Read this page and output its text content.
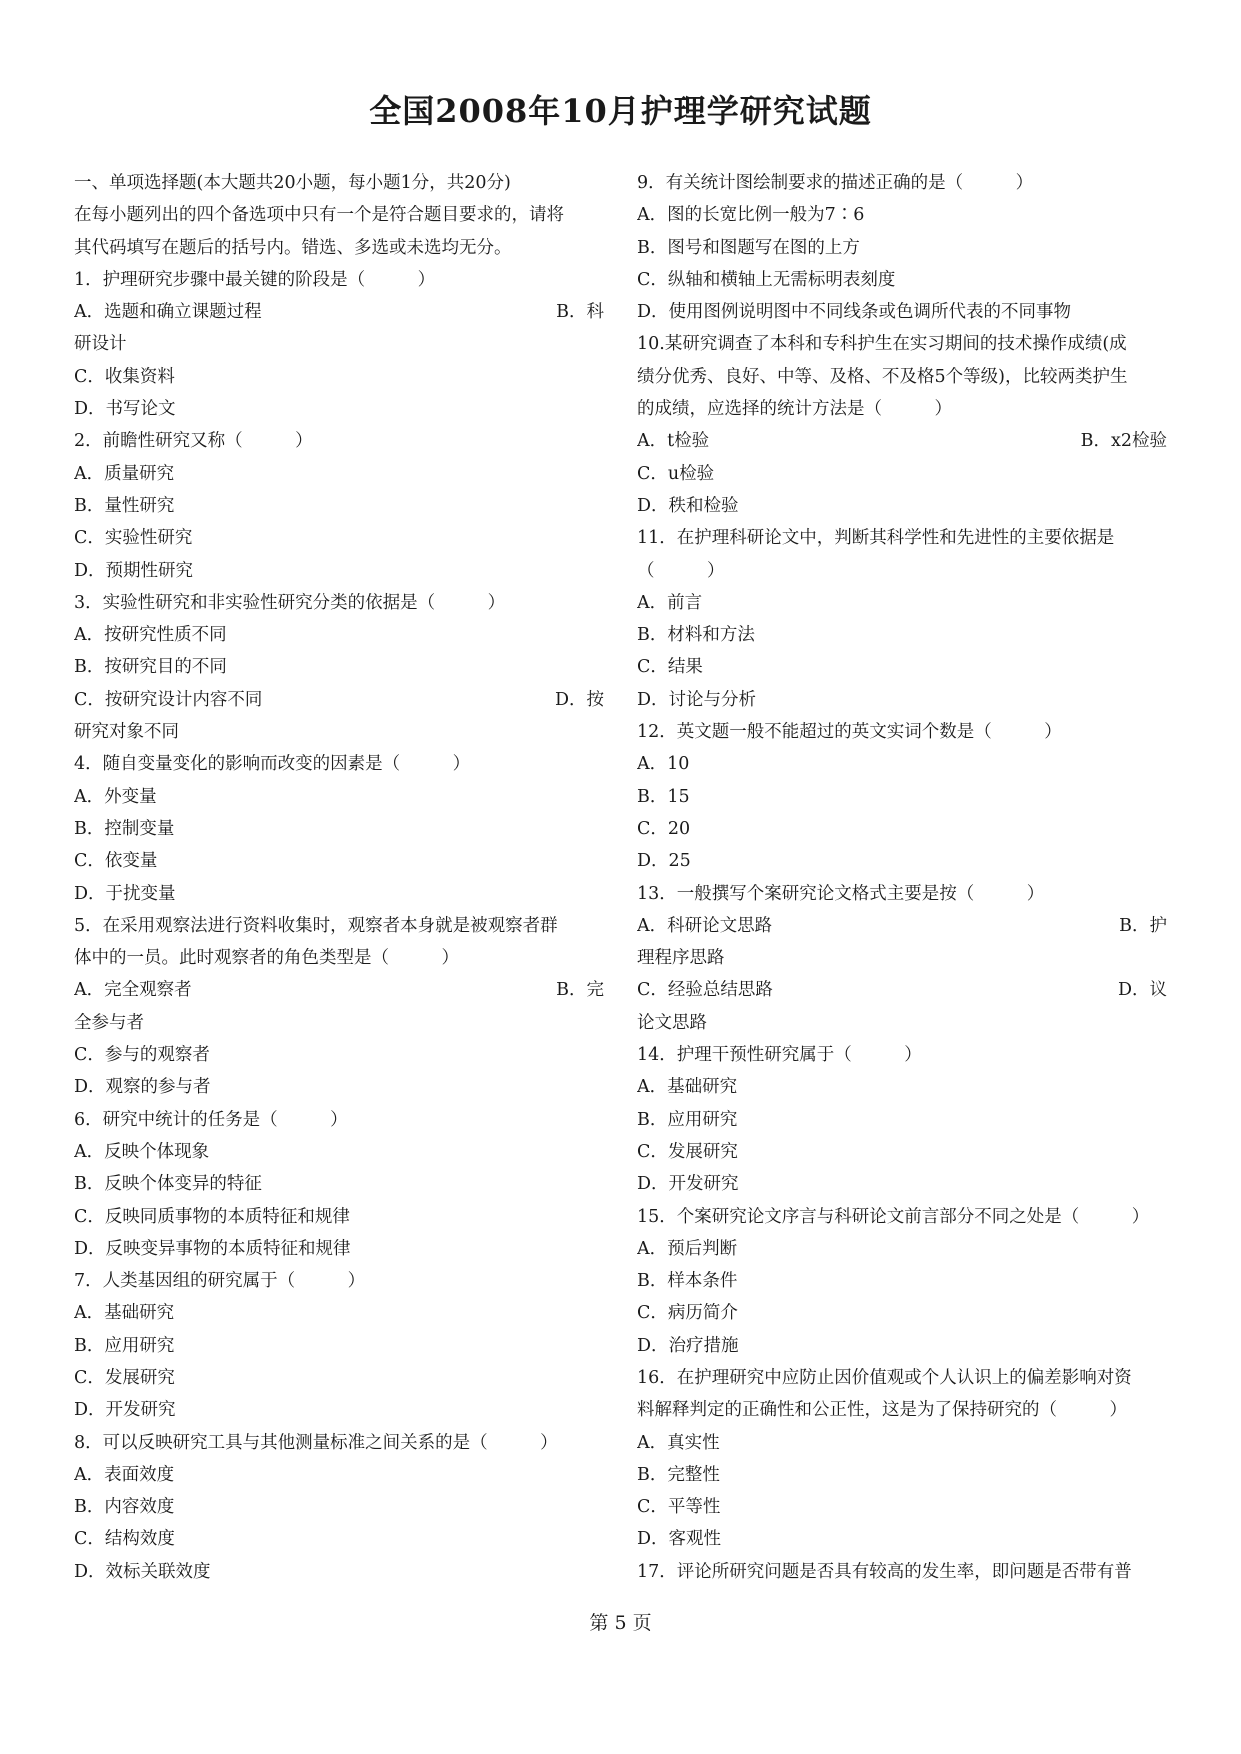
全国2008年10月护理学研究试题
一、单项选择题(本大题共20小题，每小题1分，共20分)
在每小题列出的四个备选项中只有一个是符合题目要求的，请将
其代码填写在题后的括号内。错选、多选或未选均无分。
1．护理研究步骤中最关键的阶段是（　　　）
A．选题和确立课题过程	B．科
研设计
C．收集资料
D．书写论文
2．前瞻性研究又称（　　　）
A．质量研究
B．量性研究
C．实验性研究
D．预期性研究
3．实验性研究和非实验性研究分类的依据是（　　　）
A．按研究性质不同
B．按研究目的不同
C．按研究设计内容不同	D．按
研究对象不同
4．随自变量变化的影响而改变的因素是（　　　）
A．外变量
B．控制变量
C．依变量
D．于扰变量
5．在采用观察法进行资料收集时，观察者本身就是被观察者群
体中的一员。此时观察者的角色类型是（　　　）
A．完全观察者	B．完
全参与者
C．参与的观察者
D．观察的参与者
6．研究中统计的任务是（　　　）
A．反映个体现象
B．反映个体变异的特征
C．反映同质事物的本质特征和规律
D．反映变异事物的本质特征和规律
7．人类基因组的研究属于（　　　）
A．基础研究
B．应用研究
C．发展研究
D．开发研究
8．可以反映研究工具与其他测量标准之间关系的是（　　　）
A．表面效度
B．内容效度
C．结构效度
D．效标关联效度
9．有关统计图绘制要求的描述正确的是（　　　）
A．图的长宽比例一般为7∶6
B．图号和图题写在图的上方
C．纵轴和横轴上无需标明表刻度
D．使用图例说明图中不同线条或色调所代表的不同事物
10.某研究调查了本科和专科护生在实习期间的技术操作成绩(成
绩分优秀、良好、中等、及格、不及格5个等级)，比较两类护生
的成绩，应选择的统计方法是（　　　）
A．t检验	B．x2检验
C．u检验
D．秩和检验
11．在护理科研论文中，判断其科学性和先进性的主要依据是
（　　　）
A．前言
B．材料和方法
C．结果
D．讨论与分析
12．英文题一般不能超过的英文实词个数是（　　　）
A．10
B．15
C．20
D．25
13．一般撰写个案研究论文格式主要是按（　　　）
A．科研论文思路	B．护
理程序思路
C．经验总结思路	D．议
论文思路
14．护理干预性研究属于（　　　）
A．基础研究
B．应用研究
C．发展研究
D．开发研究
15．个案研究论文序言与科研论文前言部分不同之处是（　　　）
A．预后判断
B．样本条件
C．病历简介
D．治疗措施
16．在护理研究中应防止因价值观或个人认识上的偏差影响对资
料解释判定的正确性和公正性，这是为了保持研究的（　　　）
A．真实性
B．完整性
C．平等性
D．客观性
17．评论所研究问题是否具有较高的发生率，即问题是否带有普
第 5 页
